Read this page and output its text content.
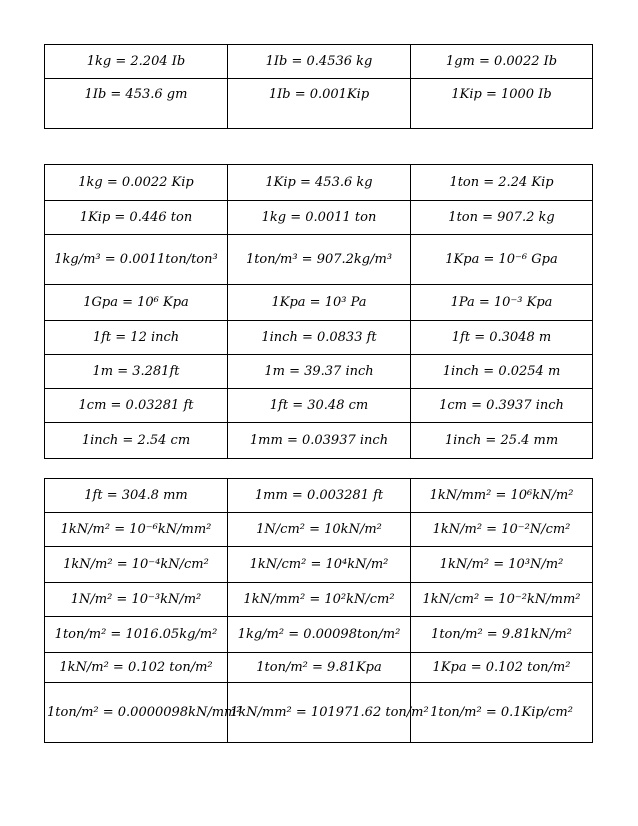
1kg = 2.204 Ib	1Ib = 0.4536 kg	1gm = 0.0022 Ib
1Ib = 453.6 gm	1Ib = 0.001Kip	1Kip = 1000 Ib
1kg = 0.0022 Kip	1Kip = 453.6 kg	1ton = 2.24 Kip
1Kip = 0.446 ton	1kg = 0.0011 ton	1ton = 907.2 kg
1kg/m³ = 0.0011ton/ton³	1ton/m³ = 907.2kg/m³	1Kpa = 10⁻⁶ Gpa
1Gpa = 10⁶ Kpa	1Kpa = 10³ Pa	1Pa = 10⁻³ Kpa
1ft = 12 inch	1inch = 0.0833 ft	1ft = 0.3048 m
1m = 3.281ft	1m = 39.37 inch	1inch = 0.0254 m
1cm = 0.03281 ft	1ft = 30.48 cm	1cm = 0.3937 inch
1inch = 2.54 cm	1mm = 0.03937 inch	1inch = 25.4 mm
1ft = 304.8 mm	1mm = 0.003281 ft	1kN/mm² = 10⁶kN/m²
1kN/m² = 10⁻⁶kN/mm²	1N/cm² = 10kN/m²	1kN/m² = 10⁻²N/cm²
1kN/m² = 10⁻⁴kN/cm²	1kN/cm² = 10⁴kN/m²	1kN/m² = 10³N/m²
1N/m² = 10⁻³kN/m²	1kN/mm² = 10²kN/cm²	1kN/cm² = 10⁻²kN/mm²
1ton/m² = 1016.05kg/m²	1kg/m² = 0.00098ton/m²	1ton/m² = 9.81kN/m²
1kN/m² = 0.102 ton/m²	1ton/m² = 9.81Kpa	1Kpa = 0.102 ton/m²
1ton/m² = 0.0000098kN/mm²	1kN/mm² = 101971.62 ton/m²	1ton/m² = 0.1Kip/cm²
